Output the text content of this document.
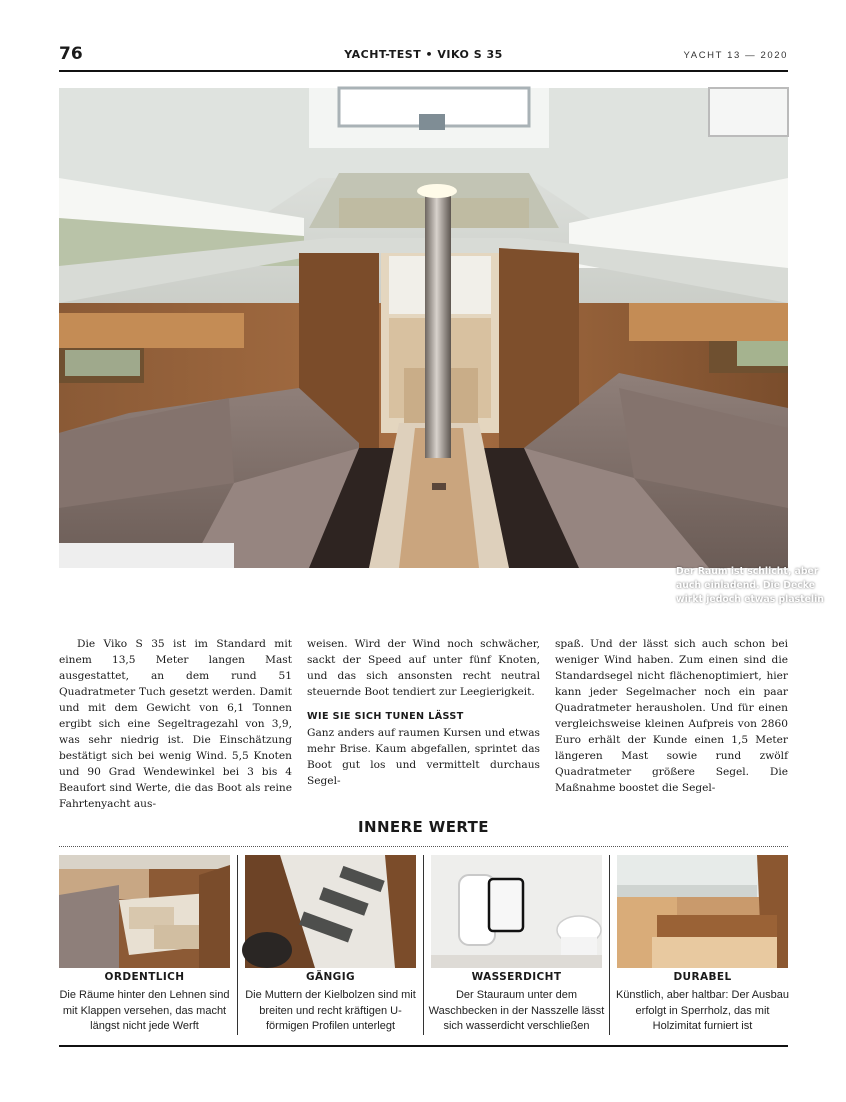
76	YACHT-TEST • VIKO S 35	YACHT 13 — 2020
Der Raum ist schlicht, aber auch einladend. Die Decke wirkt jedoch etwas plastelin

Die Viko S 35 ist im Standard mit einem 13,5 Meter langen Mast ausgestattet, an dem rund 51 Quadratmeter Tuch gesetzt werden. Damit und mit dem Gewicht von 6,1 Tonnen ergibt sich eine Segeltragezahl von 3,9, was sehr niedrig ist. Die Einschätzung bestätigt sich bei wenig Wind. 5,5 Knoten und 90 Grad Wendewinkel bei 3 bis 4 Beaufort sind Werte, die das Boot als reine Fahrtenyacht aus-

weisen. Wird der Wind noch schwächer, sackt der Speed auf unter fünf Knoten, und das sich ansonsten recht neutral steuernde Boot tendiert zur Leegierigkeit.

WIE SIE SICH TUNEN LÄSST

Ganz anders auf raumen Kursen und etwas mehr Brise. Kaum abgefallen, sprintet das Boot gut los und vermittelt durchaus Segel-

spaß. Und der lässt sich auch schon bei weniger Wind haben. Zum einen sind die Standardsegel nicht flächenoptimiert, hier kann jeder Segelmacher noch ein paar Quadratmeter herausholen. Und für einen vergleichsweise kleinen Aufpreis von 2860 Euro erhält der Kunde einen 1,5 Meter längeren Mast sowie rund zwölf Quadratmeter größere Segel. Die Maßnahme boostet die Segel-

INNERE WERTE
ORDENTLICH
Die Räume hinter den Lehnen sind mit Klappen versehen, das macht längst nicht jede Werft
GÄNGIG
Die Muttern der Kielbolzen sind mit breiten und recht kräftigen U-förmigen Profilen unterlegt
WASSERDICHT
Der Stauraum unter dem Waschbecken in der Nasszelle lässt sich wasserdicht verschließen
DURABEL
Künstlich, aber haltbar: Der Ausbau erfolgt in Sperrholz, das mit Holzimitat furniert ist
